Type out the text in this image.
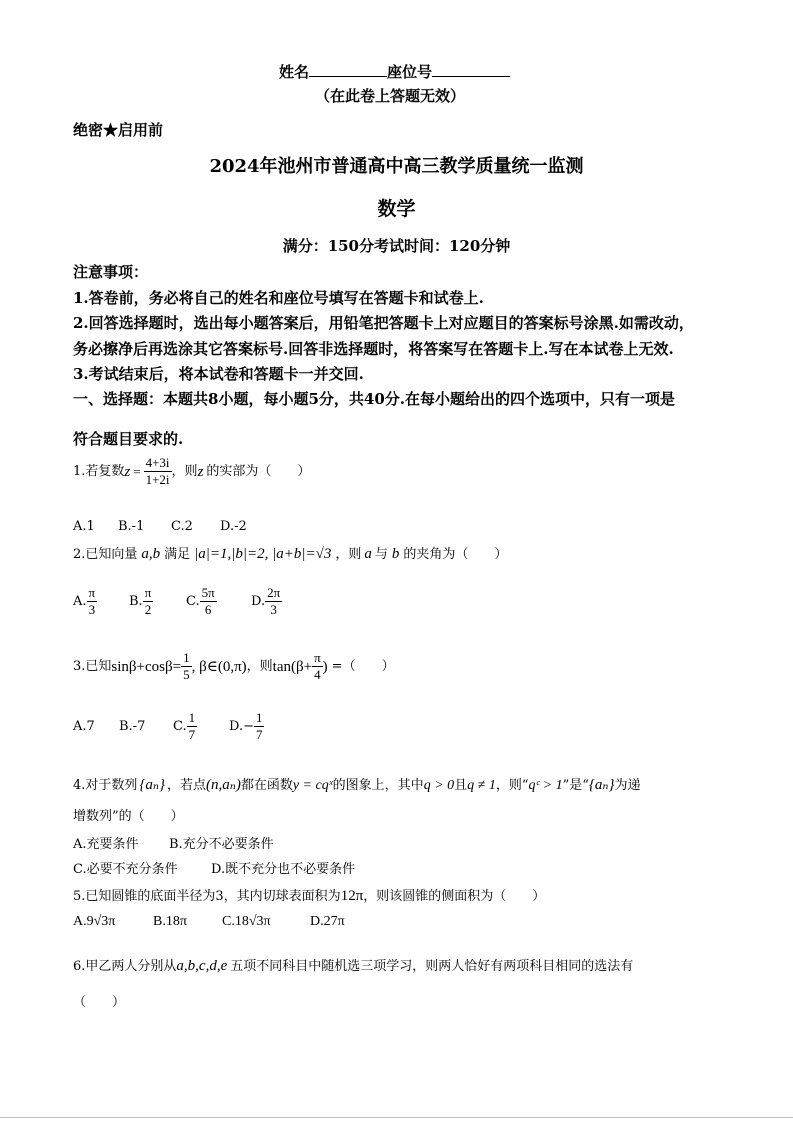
姓名	座位号
（在此卷上答题无效）
绝密★启用前
2024年池州市普通高中高三教学质量统一监测
数学
满分：150分考试时间：120分钟
注意事项：
1.答卷前，务必将自己的姓名和座位号填写在答题卡和试卷上.
2.回答选择题时，选出每小题答案后，用铅笔把答题卡上对应题目的答案标号涂黑.如需改动，
务必擦净后再选涂其它答案标号.回答非选择题时，将答案写在答题卡上.写在本试卷上无效.
3.考试结束后，将本试卷和答题卡一并交回.
一、选择题：本题共8小题，每小题5分，共40分.在每小题给出的四个选项中，只有一项是
符合题目要求的.
1.若复数 $z = \frac{4+3i}{1+2i}$ ，则 z 的实部为（　　）
A.1 B.-1 C.2 D.-2
2.已知向量 a,b 满足 |a|=1,|b|=2, |a+b|=√3 ，则 a 与 b 的夹角为（　　）
A. $\frac{\pi}{3} B$. $\frac{\pi}{2}$	C. $\frac{5\pi}{6}$	D. $\frac{2\pi}{3}$
3.已知 $\sin\beta+\cos\beta= \frac{1}{5}$ , β∈(0,π) ，则 $\tan(\beta+ \frac{\pi}{4}$ ) =（　　）
A.7	B.-7	C. $\frac{1}{7} D.- \frac{1}{7}$
4.对于数列 {aₙ} ，若点(n,aₙ)都在函数y = cqˣ的图象上，其中q > 0且q ≠ 1，则“qᶜ > 1”是“{aₙ}为递
增数列”的（　　）
A.充要条件 B.充分不必要条件
C.必要不充分条件	D.既不充分也不必要条件
5.已知圆锥的底面半径为3，其内切球表面积为12π，则该圆锥的侧面积为（　　）
A.9√3π	B.18π	C.18√3π	D.27π
6.甲乙两人分别从a,b,c,d,e 五项不同科目中随机选三项学习，则两人恰好有两项科目相同的选法有
（　　）
